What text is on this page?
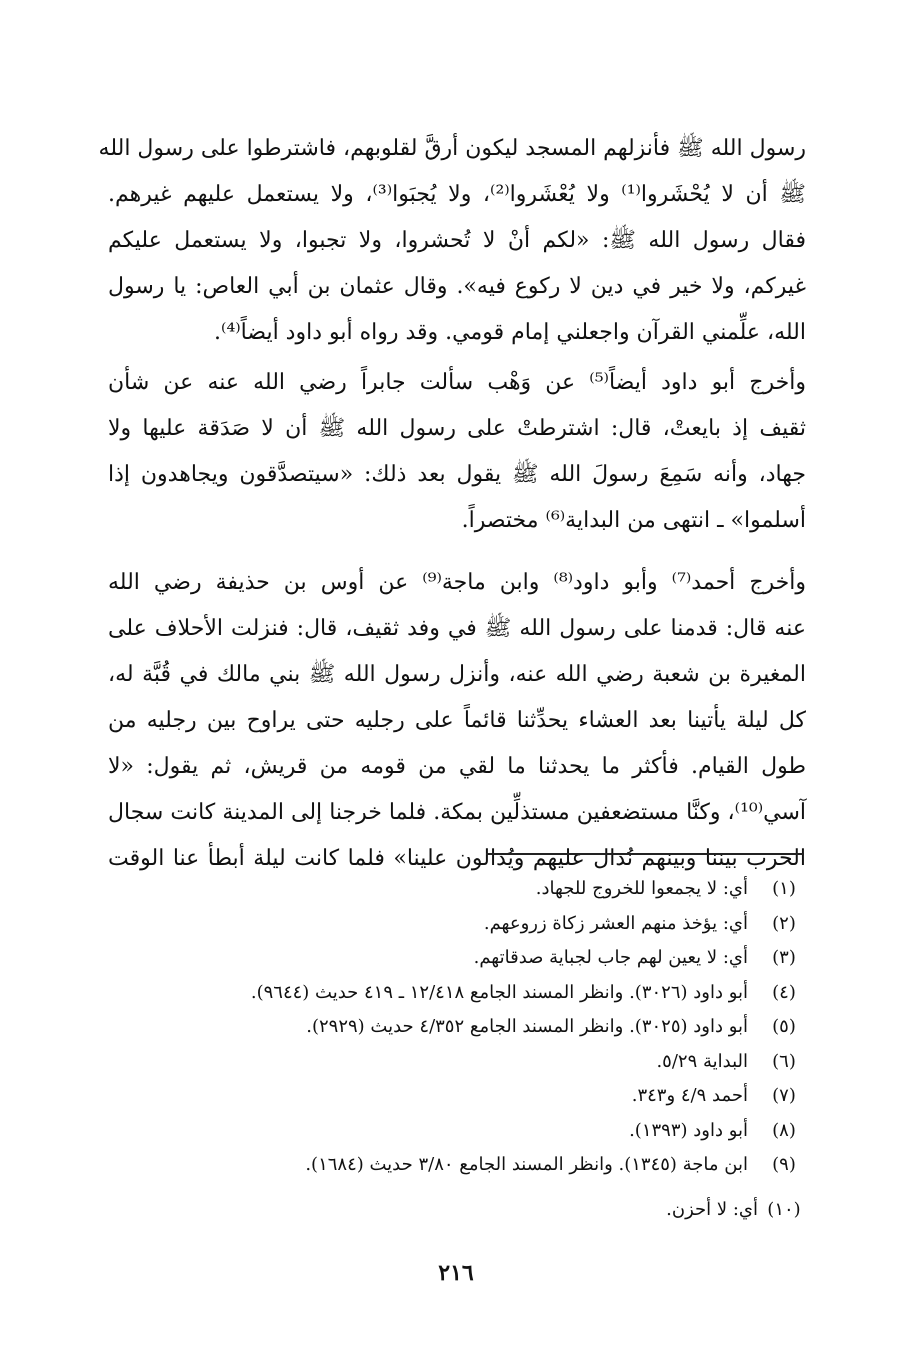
رسول الله ﷺ فأنزلهم المسجد ليكون أرقَّ لقلوبهم، فاشترطوا على رسول الله
ﷺ أن لا يُحْشَروا⁽¹⁾ ولا يُعْشَروا⁽²⁾، ولا يُجبَوا⁽³⁾، ولا يستعمل عليهم غيرهم.
فقال رسول الله ﷺ: «لكم أنْ لا تُحشروا، ولا تجبوا، ولا يستعمل عليكم
غيركم، ولا خير في دين لا ركوع فيه». وقال عثمان بن أبي العاص: يا رسول
الله، علِّمني القرآن واجعلني إمام قومي. وقد رواه أبو داود أيضاً⁽⁴⁾.
وأخرج أبو داود أيضاً⁽⁵⁾ عن وَهْب سألت جابراً رضي الله عنه عن شأن
ثقيف إذ بايعتْ، قال: اشترطتْ على رسول الله ﷺ أن لا صَدَقة عليها ولا
جهاد، وأنه سَمِعَ رسولَ الله ﷺ يقول بعد ذلك: «سيتصدَّقون ويجاهدون إذا
أسلموا» ـ انتهى من البداية⁽⁶⁾ مختصراً.
وأخرج أحمد⁽⁷⁾ وأبو داود⁽⁸⁾ وابن ماجة⁽⁹⁾ عن أوس بن حذيفة رضي الله
عنه قال: قدمنا على رسول الله ﷺ في وفد ثقيف، قال: فنزلت الأحلاف على
المغيرة بن شعبة رضي الله عنه، وأنزل رسول الله ﷺ بني مالك في قُبَّة له،
كل ليلة يأتينا بعد العشاء يحدِّثنا قائماً على رجليه حتى يراوح بين رجليه من
طول القيام. فأكثر ما يحدثنا ما لقي من قومه من قريش، ثم يقول: «لا
آسي⁽¹⁰⁾، وكنَّا مستضعفين مستذلِّين بمكة. فلما خرجنا إلى المدينة كانت سجال
الحرب بيننا وبينهم نُدال عليهم ويُدالون علينا» فلما كانت ليلة أبطأ عنا الوقت
(١)
أي: لا يجمعوا للخروج للجهاد.
(٢)
أي: يؤخذ منهم العشر زكاة زروعهم.
(٣)
أي: لا يعين لهم جاب لجباية صدقاتهم.
(٤)
أبو داود (٣٠٢٦). وانظر المسند الجامع ١٢/٤١٨ ـ ٤١٩ حديث (٩٦٤٤).
(٥)
أبو داود (٣٠٢٥). وانظر المسند الجامع ٤/٣٥٢ حديث (٢٩٢٩).
(٦)
البداية ٥/٢٩.
(٧)
أحمد ٤/٩ و٣٤٣.
(٨)
أبو داود (١٣٩٣).
(٩)
ابن ماجة (١٣٤٥). وانظر المسند الجامع ٣/٨٠ حديث (١٦٨٤).
(١٠)
أي: لا أحزن.
٢١٦
